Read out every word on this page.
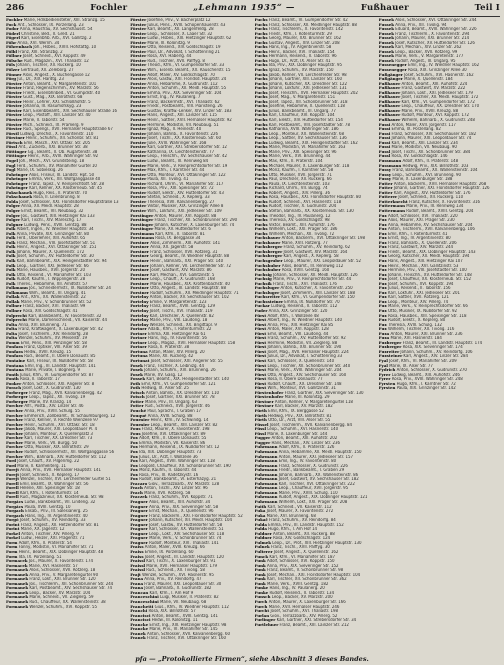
286	Fochler	„Lehmann 1935“ —	Fußhauer	Teil I
Fochler Marie, Hdlsbediensteter, XIII. Stranzg. 15
Fock Ant., Schlosser, IX. Porzellang. 23
Fodor Anna, Hausfrau, XV. Sechshausst. 54
Föderl Christine, Bed., II. Gred. 21
Fögerl Karl, Eisenbhb. Arb., XVI. Gallitzg. 2
Föhr Anna, XVI. Wernh. 34
Föhrenbach Joh., Hsbes., XVIII. Hofstattg. 10
Fölbl Franz, XIII. Stranzbg. 2
Föllner Josef, Schneid., XVI. Koppstr. 49
Fölsche Rud., Magazin., XVI. Thaliastr. 12
Föls Johann, Tischler, XII. Ruckerg. 10
Fölzer Gertraud, XII. Zeleborg. 27
Fönner Alois, Angest., X. Buchengasse 12
Förg Jul., Dr., XIX. Hardtg. 23
Förster Anton, Beamt., V. Margaretenstr. 101
Förster Franz, Regenschirmm., XV. Märzstr. 56
Förster Friedr., Eisenbhnbed., VI. Gumpdstr. 40
Förster Gust., Mag., XIX. Bilrothstr. 68
Förster Heinr., Lehrer, XXI. Schloßhofstr. 5
Förster Johanna, III. Rasumofskyg. 23
Förster Karl, Eisenbbeamt., XIV. Sechshauser Straße 16
Förster Leop., Postoff., XIII. Lainzer Str. 40
Förster Marie, II. Taborstr. 54
Förster Mich., Schneid., IX. Pramerg. 9
Förster Rud., Spengl., XVII. Hernalser Hauptstraße 67
Förstl Ludwig, Drechsl., X. Favoritenstr. 110
Förstner Heinr., Schuhm., XII. Schönbr. Str. 81
Förtsch Emil, Masch., XVI. Ottakr. Str. 205
Fössl Ant., Zuckerb., XXI. Brünner Str. 38
Föttinger Gg., Beamt., II. Ob. Augartenstr. 38
Föttinger Heinr., Arb., XVIII. Währinger Str. 92
Fogel Joh., Mech., XVI. Grundsteing. 18
Fogl Ferd., Schuhm., XV. Mariahilfer Gürtel 10
Fogl Marie, IX. Sobieskig. 26
Fohringer Alois, Friseur, III. Landstr. Hpt. 50
Fohringer Emma, Verk., XII. Wolfganggasse 40
Fohringer Franz, Tapez., V. Reinprechtsdf. Str. 28
Fohringer Karl, Kellner, XX. Klosterneub. Str. 45
Fokschanek Hugo, Reis., II. Praterstr. 70
Fokschanek Rosa, II. Lilienbrunng. 8
Folda Josef, Schlosser, XXI. Floridsdorfer Hauptstraße 13
Folger Anna, XII. Meidl. Hauptstr. 28
Folger Ernst, Beamt., VII. Neubaug. 32
Folger Jos., Gastwirt, XIII. Hietzinger Kai 133
Folger Karl, Tischl., XIV. Mareschg. 17
Folgner Ludwig, Pens., XVIII. Gentzg. 88
Folk Albert, Ingen., IV. Wiedner Hauptstr. 34
Folk Anna, Private, XIX. Grinzinger Str. 80
Folk Ferd., Oberlehrer, XIII. Auhofstr. 65
Folk Franz, Mechan., VIII. Josefstädter Str. 51
Folk Heinr., Angest., XVI. Ottakringer Str. 151
Folk Johann, Maurer, X. Quellenstr. 172
Folk Josef, Schuhm., XV. Hütteldorfer Str. 30
Folk Karl, Bahnbeamt., XIX. Heiligenstädter Str. 94
Folk Leop., Gärtner, XXI. Jedleseer Str. 66
Folk Marie, Hausbes., XVII. Jörgerstr. 20
Folk Otto, Reisend., VI. Mariahilfer Str. 103
Folk Rudolf, Kaufm., I. Wipplingerstr. 28
Folk Theres., Hebamme, XII. Arndtstr. 57
Folkmann Jos., Schneidermstr., IX. Nußdorfer Str. 24
Folkmann Wilh., Beamt., III. Ungarg. 41
Follak Ant., Kfm., XX. Wallensteinstr. 22
Follak Marie, Priv., V. Schönbrunner Str. 52
Follner Franz, Bäcker, XVI. Thaliastr. 99
Follner Rosa, XIV. Goldschlagstr. 41
Folprecht Karl, Bankbeamt., IV. Favoritenstr. 32
Folprecht Marie, Damenschneid., VII. Kaiserstr. 44
Folta Anna, XVI. Brunneng. 71
Folta Franz, Kraftwagenf., X. Laxenburger Str. 42
Folta Josef, Tischlerm., XIV. Reindorfg. 28
Folta Wenzel, Schuhm., XV. Meiselstr. 19
Fomm Emil, Pens., XIII. Penzinger Str. 58
Fonfara Franz, Optiker, VIII. Alser Str. 39
Fonfara Hedw., XVIII. Kreuzg. 15
Fonfara Rud., Beamt., II. Obere Donaustr. 85
Fontaine Karl, Friseur, IX. Nußdorfer Str. 58
Fontana Emil, Ing., III. Landstr. Hauptstr. 141
Fontana Marie, Private, I. Bognerg. 9
Fonth Julius, Kfm., VI. Gumpendorfer Str. 87
Fonth Rosa, II. Taborstr. 17
Fooker Anton, Schlosser, XXI. Angerer Str. 8
Forach Josef, Lokf., X. Gudrunstr. 130
Forberger Franz, Mag., XVII. Kalvarienbergg. 42
Forberger Leop., Tapez., XII. Tivolig. 19
Forberger Marie, XV. Kranzg. 14
Forcher Alfr., Postb., XIV. Linzer Str. 46
Forcher Anna, Priv., XVIII. Schulg. 55
Forcher Emmerich, Zollbeamt., IV. Schaumburgerg. 12
Forcher Franz, Kellner, V. Rechte Wienzeile 97
Forcher Heinr., Schuhm., XVI. Ottakr. Str. 18
Forcher Jakob, Maurer, XXI. Leopoldauer Pl. 4
Forcher Johann, Monteur, X. Quellenplatz 3
Forcher Karl, Tischler, XX. Dresdner Str. 73
Forcher Marie, Verk., VII. Burgg. 50
Forcher Otto, Musiker, XIX. Billrothstr. 29
Forcher Rudolf, Schlossermstr., XII. Wolfganggasse 56
Forcher Wilh., Bahnarb., XIV. Hütteldorfer Str. 112
Ford Josef, Chauff., XV. Pilgerimg. 22
Ford Marie, II. Karmeliterg. 11
Forejt Anna, Priv., XVII. Hernalser Hauptstr. 141
Forejt Josef, Schneid., X. Keplerg. 17
Forejt Wenzel, Tischler, XVI. Lerchenfelder Gürtel 51
Forell Emil, Beamt., IX. Währinger Str. 56
Forell Helene, XIII. Speisinger Str. 18
Forell Karl, Kfm., I. Rotenturmstr. 14
Forell Rud., Magazineur, XX. Klosterneub. Str. 98
Forgács Ludw., Bankbeamt., VII. Lindeng. 32
Forgács Paula, XVIII. Gentzg. 10
Forgach Elisab., Priv., III. Salesianerg. 25
Forgach Hans, Ing., IV. Argentinierstr. 40
Forgó Josef, Schuhm., XV. Reindorfg. 33
Forint Franz, Angest., XII. Hetzendorfer Str. 81
Forint Marie, XX. Jägerstr. 12
Forkel Anton, Tischler, XIV. Pillerg. 9
Forkel Ludw., Heizer, XXI. Pragerstr. 71
Form Adolf, Kfm., II. Praterstr. 54
Form Fanny, Modistin, VI. Mariahilfer Str. 71
Form Heinr., Beamt., XIX. Döblinger Hauptstr. 48
Form Ida, IX. Porzellang. 51
Formacek Jos., Maurer, X. Favoritenstr. 174
Formacek Marie, XVI. Hasnerstr. 57
Formanek Alois, Schlosser, XVII. Rötzerg. 18
Formanek Anna, Priv., V. Margaretengürtel 90
Formanek Franz, Lokf., XXI. Brünner Str. 120
Formanek Jos., Tischlerm., XII. Schönbrunner Str. 244
Formanek Karl, Postbeamt., XIV. Sechshauser Str. 74
Formanek Leop., Bäcker, XV. Märzstr. 104
Formanek Marie, Schneid., VII. Zieglerg. 59
Formanek Rud., Chauffeur, XX. Wallensteinstr. 38
Formanek Wenzel, Schuhm., XVI. Koppstr. 55
Förster Josefine, Priv., V. Bacherplatz 12
Förster Julius, Pens., XVIII. Schopenhauerstr. 43
Förster Karl, Beamt., XII. Längenfeldg. 28
Förster Leop., Schlosser, X. Laaer Str. 32
Förster Ludw., Hsbes., XIII. Hietzinger Hauptstr. 62
Förster Marie, III. Kolonitzg. 9
Förster Otto, Reisend., XIV. Goldschlagstr. 19
Förster Paul, Dr., Advokat, I. Schottenring 21
Förster Rosa, XVI. Haberlg. 44
Förster Rud., Tischler, XVII. Palffyg. 8
Förster Theod., Kfm., VI. Gumpendorfer Str. 33
Förster Wilh., Eisenb. Beamt., XX. Rauscherstr. 15
Forster Adolf, Maler, XV. Goldschlagstr. 70
Forster Alois, Gastw., XXI. Floridsd. Hauptstr. 24
Forster Anna, Hebamme, X. Gudrunstr. 112
Forster Anton, Schuhm., XII. Meidl. Hauptstr. 55
Forster Emma, Priv., XIX. Sieveringer Str. 104
Forster Ernst, Ing., IV. Paulanerg. 7
Forster Franz, Bäckermstr., XVI. Thaliastr. 62
Forster Friedr., Postbeamt., VIII. Piaristeng. 26
Forster Gustav, Kraftw.-Lenker, XIV. Linzer Str. 183
Forster Hans, Angest., XIII. Lainzer Str. 115
Forster Heinr., Sattler, XVII. Hernalser Hauptstr. 92
Forster Hermine, Modistin, VII. Neubaug. 51
Forster Ignaz, Mag., II. Heinestr. 40
Forster Johann, Bahnb., X. Favoritenstr. 226
Forster Josef, Tischl., XX. Klosterneub. Str. 60
Forster Julie, XVIII. Währinger Str. 168
Forster Karl, Gärtner, XXI. Strebersdorfer Str. 12
Forster Katharina, IX. Liechtensteinstr. 77
Forster Leop., Fleischh., XV. Sechshauser Str. 42
Forster Ludw., Beamt., III. Rennweg 84
Forster Marie, Verk., V. Reinprechtsdorfer Str. 19
Forster Max, Kfm., I. Kärntner Str. 44
Forster Otto, Monteur, XVI. Ottakringer Str. 122
Forster Paula, XII. Tivolig. 41
Forster Richard, Uhrm., VI. Mariahilfer Str. 117
Forster Rosa, Priv., XIII. Speisinger Str. 72
Forster Rudolf, Elektr., XIV. Hütteldorfer Str. 43
Forster Stefan, Schneid., X. Keplerg. 33
Forster Theresia, XVII. Kalvarienbergg. 27
Forster Viktor, Musiker, XIX. Grinzinger Allee 8
Forster Wilh., Lokführ., XXI. Jedleseer Str. 109
Forstinger Anton, Maurer, XVI. Koppstr. 88
Forstinger Franz, Tischler, XII. Schönbrunner Str. 290
Forstinger Johann, Kutscher, X. Laxenburger Str. 74
Forstinger Marie, XV. Hütteldorfer Str. 6
Forstmann Karl, Kfm., II. Taborstr. 81
Forstmann Rosa, IX. Berggasse 34
Forstner Alois, Zimmerm., XIII. Auhofstr. 141
Forstner Anna, XX. Jägerstr. 58
Forstner Franz, Schlosser, XVII. Rötzerg. 31
Forstner Georg, Beamt., IV. Wiedner Hauptstr. 88
Forstner Heinr., Bahnarb., XXI. Prager Str. 140
Forstner Johann, Kellner, VII. Lerchenfelder Str. 72
Forstner Josef, Gastwirt, XIV. Märzstr. 86
Forstner Karl, Mechan., XVI. Gallitzinstr. 5
Forstner Leop., Chauff., X. Gudrunstr. 168
Forstner Marie, Hausbes., XIX. Krottenbachstr. 40
Forstner Otto, Angest., III. Landstr. Hauptstr. 88
Forstner Rudolf, Schuhm., XII. Meidlinger Hauptstr. 71
Fortelny Anton, Bäcker, XV. Sechshauser Str. 102
Fortelny Emilie, V. Margaretenstr. 123
Fortelny Franz, Beamt., XVIII. Gentzg. 129
Fortelny Josef, Tischl., XVI. Thaliastr. 119
Fortelny Karl, Drechsler, X. Quellenstr. 82
Fortelny Marie, Priv., VIII. Laudong. 18
Fortelny Wenzel, Schneid., XX. Brigittapl. 9
Fortner Adalb., Kfm., I. Rotenturmstr. 22
Fortner Emma, XIII. Hietzinger Kai 61
Fortner Hans, Ing., IV. Favoritenstr. 56
Fortner Leop., Magaz., XVII. Hernalser Hauptstr. 158
Fortner Rosa, II. Praterstr. 38
Fortuna Anton, Maler, XIV. Pillerg. 20
Fortuna Marie, XII. Ruckerg. 42
Fortunat Josef, Schlosser, XXI. Angerer Str. 55
Fosek Franz, Tischler, X. Leibnizg. 44
Fosek Johann, Schuhm., XVI. Brunneng. 26
Fosek Marie, XV. Gasg. 12
Fossek Karl, Beamt., XIX. Heiligenstädter Str. 140
Foth Emil, Kfm., VI. Gumpendorfer Str. 121
Foth Hedwig, IX. Alser Str. 25
Fotsch Anton, Bahnb., XX. Dresdner Str. 110
Fotsch Josef, Gärtner, XXI. Brünner Str. 78
Fotter Marie, Priv., III. Ungarg. 63
Fotter Rud., Schneid., XVII. Jörgerstr. 46
Fouché Paul, Sprachl., I. Graben 17
Fouqué Anna, XVIII. Schulg. 88
Fournier Heinr., Kfm., IV. Schwindg. 14
Fournier Leop., Beamt., XIII. Lainzer Str. 82
Fous Franz, Maurer, X. Favoritenstr. 198
Fous Josefine, XVI. Ottakringer Str. 89
Fox Adolf, Kfm., II. Obere Donaustr. 55
Fox Emma, Modistin, VII. Kaiserstr. 86
Fox Hermann, Reisend., IX. Nußdorfer Str. 12
Fox Ida, XIX. Döblinger Hauptstr. 73
Fox Julius, Dr., Arzt, I. Wollzeile 36
Fox Karl, Angest., XVIII. Währinger Str. 118
Fox Leopold, Chauffeur, XII. Schönbrunner Str. 190
Fox Moriz, Kaufm., II. Taborstr. 44
Fox Rosa, Priv., III. Radetzkystr. 16
Fox Rudolf, Bankbeamt., VI. Esterházyg. 21
Fracaro Giov., Terrazzoarb., XV. Märzstr. 128
Frach Anton, Tischl., XIV. Linzer Str. 96
Frach Marie, XVII. Rötzerg. 58
Fraczek Franz, Schuhm., XVI. Koppstr. 71
Fragner Alois, Beamt., XIII. Auhofstr. 34
Fragner Anna, Priv., XIX. Sieveringer Str. 58
Fragner Ernst, Mechan., X. Quellenstr. 96
Fragner Franz, Bäckerm., XXI. Floridsdorfer Hauptstr. 52
Fragner Johann, Kutscher, XII. Meidl. Hauptstr. 104
Fragner Josef, Gastw., XV. Hütteldorfer Str. 58
Fragner Karl, Schlosser, XX. Wallensteinstr. 51
Fragner Leop., Lokf., XIV. Sechshauser Str. 118
Fragner Marie, Verk., V. Schönbrunner Str. 74
Fragner Rudolf, Monteur, XVI. Thaliastr. 141
Fraiss Anton, Maler, XVIII. Kreuzg. 66
Fraiss Emilie, IX. Porzellang. 60
Fraiss Josef, Angest., III. Landstr. Hauptstr. 120
Fraissl Karl, Tischl., X. Laxenburger Str. 91
Fraissl Marie, XVII. Hernalser Hauptstr. 179
Fraissl Rud., Schneid., XII. Tivolig. 58
Frajt Wenzel, Schuhm., XVI. Hasnerstr. 95
Frana Anna, Priv., XV. Reindorfg. 47
Frana Franz, Maurer, XXI. Leopoldauer Str. 30
Frana Josef, Bahnarb., X. Gudrunstr. 182
Francan Karl, Kfm., I. Am Hof 9
Franceschini Luigi, Musiker, II. Praterstr. 82
Franceschini Marie, VII. Neubaug. 68
Franchetti Gius., Kfm., IV. Wiedner Hauptstr. 112
Franchi Rosa, XIX. Billrothstr. 57
Francisci Anton, Beamt., XVIII. Gentzg. 141
Francisci Hedw., III. Kolonitzg. 11
Francke Ernst, Ing., XIII. Hietzinger Hauptstr. 98
Francke Marie, Priv., VI. Mariahilfer Str. 145
Franek Anton, Schlosser, XVII. Kalvarienbergg. 60
Franek Franz, Tischler, XVI. Ottakringer Str. 160
Fuchs Franz, Beamt., VI. Gumpendorfer Str. 42
Fuchs Franz, Schlosser, XII. Meidlinger Hauptstr. 88
Fuchs Franz, Tischlerm., X. Favoritenstr. 142
Fuchs Friedr., Kfm., I. Rotenturmstr. 29
Fuchs Georg, Maurer, XXI. Brünner Str. 162
Fuchs Gustav, Angest., XIV. Linzer Str. 208
Fuchs Hans, Ing., IV. Argentinierstr. 58
Fuchs Heinr., Bäcker, XVI. Thaliastr. 154
Fuchs Hermann, Reisend., II. Taborstr. 96
Fuchs Hugo, Dr., Arzt, IX. Alser Str. 41
Fuchs Ida, Priv., XIX. Döblinger Hauptstr. 95
Fuchs Ignaz, Schuhm., XV. Märzstr. 150
Fuchs Jakob, Kellner, VII. Lerchenfelder Str. 98
Fuchs Johann, Gärtner, XIII. Lainzer Str. 160
Fuchs Johann, Kutscher, XX. Dresdner Str. 122
Fuchs Johann, Lokführ., XXI. Jedleseer Str. 131
Fuchs Josef, Fleischh., XVII. Hernalser Hauptstr. 202
Fuchs Josef, Mag., V. Margaretenstr. 151
Fuchs Josef, Tapez., XII. Schönbrunner Str. 318
Fuchs Josefine, Hebamme, X. Quellenstr. 118
Fuchs Julius, Bankbeamt., III. Ungarg. 77
Fuchs Karl, Chauffeur, XVI. Koppstr. 104
Fuchs Karl, Elektr., XIV. Hütteldorfer Str. 154
Fuchs Karl, Postbeamt., VIII. Josefstädter Str. 78
Fuchs Katharina, XVIII. Währinger Str. 186
Fuchs Leop., Monteur, XX. Wallensteinstr. 68
Fuchs Leop., Sattler, XV. Sechshauser Str. 136
Fuchs Ludwig, Beamt., XIX. Heiligenstädter Str. 162
Fuchs Marie, Modistin, VI. Mariahilfer Str. 163
Fuchs Marie, Priv., XIII. Speisinger Str. 96
Fuchs Marie, Verk., XVI. Brunneng. 44
Fuchs Max, Kfm., II. Praterstr. 104
Fuchs Michael, Maurer, X. Laxenburger Str. 118
Fuchs Moriz, Kaufm., I. Kärntner Str. 58
Fuchs Otto, Musiker, XVII. Jörgerstr. 71
Fuchs Paul, Drechsler, XII. Ruckerg. 66
Fuchs Paula, IX. Liechtensteinstr. 103
Fuchs Richard, Uhrm., VII. Burgg. 74
Fuchs Robert, Angest., XIV. Pillerg. 36
Fuchs Rosa, Hausbes., XXI. Floridsdorfer Hauptstr. 80
Fuchs Rudolf, Schneid., XVI. Hasnerstr. 118
Fuchs Rudolf, Tischler, X. Gudrunstr. 204
Fuchs Stefan, Bahnarb., XX. Klosterneub. Str. 130
Fuchs Theodor, Ing., IV. Paulanerg. 12
Fuchs Theresia, XV. Goldschlagstr. 98
Fuchs Viktor, Beamt., XIII. Auhofstr. 176
Fuchs Wilhelm, Lokf., XXI. Prager Str. 186
Fuchs Wilhelm, Mechan., XII. Tivolig. 72
Fuchsbauer Anton, Bäckerm., XVI. Ottakringer Str. 198
Fuchsbauer Marie, XVII. Rötzerg. 77
Fuchsberger Franz, Schuhm., XV. Reindorfg. 62
Fuchsberger Josef, Gastwirt, XIV. Märzstr. 164
Fuchsberger Karl, Angest., X. Keplerg. 58
Fuchsgruber Leop., Maurer, XXI. Leopoldauer Str. 52
Fuchshuber Alois, Beamt., III. Rennweg 112
Fuchshuber Rosa, XVIII. Gentzg. 160
Fuchsig Johann, Schlosser, XII. Meidl. Hauptstr. 126
Fuchsig Marie, Priv., V. Reinprechtsdorfer Str. 44
Fuchsik Franz, Tischl., XVI. Thaliastr. 176
Fuchsluger Anton, Kutscher, X. Favoritenstr. 250
Fuchsluger Josef, Zimmerm., XIII. Lainzer Str. 188
Fuchsreiter Karl, Kfm., VI. Gumpendorfer Str. 150
Fuchssteiner Emma, IX. Nußdorfer Str. 70
Fuckar Ludwig, Reisend., II. Taborstr. 112
Fuder Anna, XIX. Grinzinger Str. 120
Fürst Adolf, Kfm., I. Wollzeile 48
Fürst Albert, Ing., IV. Wiedner Hauptstr. 140
Fürst Anna, Priv., XIII. Hietzinger Kai 85
Fürst Anton, Maler, XVI. Koppstr. 128
Fürst Emil, Beamt., VIII. Laudong. 44
Fürst Franz, Schuhm., XV. Hütteldorfer Str. 92
Fürst Hermine, Modistin, VII. Zieglerg. 88
Fürst Johann, Bahnb., XXI. Brünner Str. 190
Fürst Josef, Mag., XVII. Hernalser Hauptstr. 224
Fürst Julius, Dr., Advokat, I. Schottenring 33
Fürst Karl, Schlosser, X. Quellenstr. 140
Fürst Leop., Tischler, XII. Schönbrunner Str. 340
Fürst Marie, Verk., XVIII. Währinger Str. 204
Fürst Otto, Angest., XIV. Sechshauser Str. 160
Fürst Rosa, II. Obere Donaustr. 77
Fürst Rudolf, Chauff., XX. Dresdner Str. 148
Fürst Wilh., Monteur, XVI. Gallitzinstr. 31
Fürstenhofer Franz, Gärtner, XIX. Sieveringer Str. 130
Fürstenhofer Marie, III. Kolonitzg. 29
Fürstner Anton, Kellner, V. Margaretengürtel 118
Fürstner Karl, Bäcker, XV. Märzstr. 182
Fürth Emil, Kfm., IX. Berggasse 52
Fürth Hedwig, Priv., XIX. Billrothstr. 81
Fürth Otto, Dr., Arzt, VIII. Alser Str. 55
Füssel Josef, Tischlerm., XVII. Kalvarienbergg. 84
Füssl Leop., Schuhm., XVI. Hasnerstr. 140
Füssl Marie, X. Laxenburger Str. 144
Fugger Anton, Beamt., XIII. Auhofstr. 202
Fugger Hans, Mechan., XIV. Linzer Str. 236
Fuhrmann Adolf, Kfm., II. Praterstr. 126
Fuhrmann Anna, Hebamme, XII. Meidl. Hauptstr. 150
Fuhrmann Anton, Maurer, XXI. Jedleseer Str. 157
Fuhrmann Emil, Ing., IV. Favoritenstr. 80
Fuhrmann Franz, Schlosser, X. Gudrunstr. 226
Fuhrmann Friedr., Bankbeamt., I. Graben 29
Fuhrmann Johann, Bahnarb., XX. Wallensteinstr. 86
Fuhrmann Josef, Gastwirt, XV. Sechshauser Str. 182
Fuhrmann Karl, Tischler, XVI. Ottakringer Str. 222
Fuhrmann Leop., Chauffeur, XVII. Jörgerstr. 95
Fuhrmann Marie, Priv., XVIII. Schulg. 110
Fuhrmann Rudolf, Angest., XIX. Döblinger Hauptstr. 121
Fuhrmann Wilhelm, Lokf., XXI. Prager Str. 208
Fuith Karl, Schneid., VII. Kaiserstr. 112
Fuka Josef, Maurer, X. Favoritenstr. 272
Fuka Marie, XVI. Brunneng. 68
Fukač Franz, Schuhm., XV. Reindorfg. 84
Fulda Emma, Priv., III. Landstr. Hauptstr. 152
Fulda Hugo, Kfm., I. Am Hof 14
Fuldner Anton, Beamt., XII. Ruckerg. 88
Fuldner Rosa, XIV. Goldschlagstr. 124
Fulmek Leop., Dr., Prof., XIII. Hietzinger Hauptstr. 130
Fulnek Franz, Tischl., XVII. Palffyg. 30
Fulterer Josef, Angest., X. Quellenstr. 162
Funck Karl, Kfm., VI. Mariahilfer Str. 187
Funk Adolf, Schlosser, XVI. Koppstr. 150
Funk Anna, Priv., XIX. Sieveringer Str. 152
Funk Franz, Beamt., V. Schönbrunner Str. 98
Funk Josef, Mechan., XXI. Floridsdorfer Hauptstr. 104
Funk Karl, Tischler, XII. Schönbrunner Str. 362
Funk Marie, Verk., XVIII. Gentzg. 182
Funke Hans, Ing., IV. Paulanerg. 20
Funke Rudolf, Reisend., II. Taborstr. 134
Funsch Leop., Bäcker, XV. Märzstr. 200
Furch Anton, Maurer, X. Laxenburger Str. 166
Furch Marie, XVII. Hernalser Hauptstr. 246
Furcht Josef, Schuhm., XVI. Thaliastr. 198
Furlan Giov., Terrazzoarb., XIV. Pillerg. 52
Furlinger Karl, Gärtner, XXI. Strebersdorfer Str. 34
Furtlehner Franz, Beamt., XIII. Lainzer Str. 212
Fussek Alois, Schlosser, XVI. Ottakringer Str. 244
Fussek Anna, Priv., XII. Tivolig. 94
Fussek Eduard, Beamt., XVIII. Währinger Str. 226
Fussek Franz, Tischlerm., X. Favoritenstr. 294
Fussek Johann, Maurer, XXI. Brünner Str. 214
Fussek Josef, Kutscher, XV. Hütteldorfer Str. 126
Fussek Karl, Mechan., XIV. Linzer Str. 262
Fussek Leop., Bäcker, XVII. Rötzerg. 99
Fussek Marie, Verk., V. Margaretenstr. 177
Fussek Rudolf, Angest., III. Ungarg. 95
Fussenegger Emil, Ing., IV. Wiedner Hauptstr. 162
Fussenegger Rosa, XIX. Grinzinger Allee 30
Fußgänger Josef, Schuhm., XVI. Hasnerstr. 162
Fußgänger Marie, X. Quellenstr. 184
Fußhauer Anton, Beamt., XIII. Auhofstr. 224
Fußhauer Franz, Gastwirt, XV. Märzstr. 222
Fußhauer Johann, Lokf., XXI. Jedleseer Str. 179
Fußhauer Josef, Tischler, XII. Meidl. Hauptstr. 172
Fußhauer Karl, Kfm., VI. Gumpendorfer Str. 172
Fußhauer Leop., Chauffeur, XX. Dresdner Str. 170
Fußhauer Marie, Priv., XVIII. Kreuzg. 88
Fußhauer Rudolf, Monteur, XVI. Koppstr. 172
Fußhauer Wilhelm, Bahnarb., X. Gudrunstr. 248
Fussi Anton, Maler, XVII. Jörgerstr. 117
Fussi Emma, IX. Porzellang. 82
Fussi Franz, Schlosser, XIV. Sechshauser Str. 182
Fussi Johann, Maurer, XXI. Leopoldauer Str. 74
Fussi Karl, Beamt., XIII. Lainzer Str. 234
Fussi Marie, Modistin, VII. Neubaug. 90
Fussl Josef, Tischl., XII. Schönbrunner Str. 384
Fussl Rosa, XV. Goldschlagstr. 146
Fussmann Adolf, Kfm., II. Praterstr. 148
Fussmann Hedwig, Priv., XIX. Billrothstr. 103
Fussy Franz, Bahnbeamt., XX. Wallensteinstr. 104
Fussy Leop., Schuhm., XVI. Brunneng. 90
Fussy Marie, X. Laxenburger Str. 188
Futter Anton, Bäckerm., XVII. Hernalser Hauptstr. 268
Futter Johann, Gärtner, XXI. Floridsdorfer Hauptstr. 126
Futter Karl, Angest., XIV. Hütteldorfer Str. 176
Futterer Josef, Schneid., XII. Ruckerg. 110
Futterknecht Franz, Kutscher, X. Favoritenstr. 316
Futtermann Marie, Priv., III. Rennweg 134
Futtermann Rudolf, Beamt., XVIII. Gentzg. 204
Fux Adolf, Schlosser, XVI. Thaliastr. 220
Fux Alois, Maurer, XXI. Prager Str. 230
Fux Anna, Hebamme, XV. Sechshauser Str. 204
Fux Anton, Tischlerm., XVII. Kalvarienbergg. 106
Fux Emil, Kfm., I. Rotenturmstr. 41
Fux Ernst, Ing., IV. Argentinierstr. 80
Fux Franz, Bahnarb., X. Quellenstr. 206
Fux Franz, Gastwirt, XIV. Märzstr. 244
Fux Friedr., Beamt., XIX. Döblinger Hauptstr. 143
Fux Georg, Kutscher, XII. Meidl. Hauptstr. 194
Fux Hans, Angest., XIII. Hietzinger Kai 107
Fux Heinr., Mechan., XVI. Gallitzinstr. 53
Fux Hermine, Priv., VIII. Josefstädter Str. 100
Fux Johann, Fleischh., XV. Hütteldorfer Str. 148
Fux Josef, Chauffeur, XX. Klosterneub. Str. 152
Fux Josef, Schuhm., XVI. Koppstr. 194
Fux Julius, Reisend., II. Taborstr. 156
Fux Karl, Lokführ., XXI. Jedleseer Str. 201
Fux Karl, Sattler, XVII. Rötzerg. 121
Fux Leop., Monteur, XIV. Pillerg. 74
Fux Marie, Verk., V. Reinprechtsdorfer Str. 66
Fux Otto, Musiker, IX. Nußdorfer Str. 92
Fux Rosa, Hausbes., XIII. Speisinger Str. 118
Fux Rudolf, Elektr., X. Keplerg. 80
Fux Theresia, XVIII. Schulg. 132
Fux Wilhelm, Tischler, XII. Tivolig. 116
Fuxa Anton, Maurer, XXI. Brünner Str. 236
Fuxa Marie, XVI. Hasnerstr. 184
Fuxberger Franz, Beamt., III. Landstr. Hauptstr. 174
Fuxberger Rosa, XIX. Sieveringer Str. 174
Fuxreiter Johann, Schuhm., XV. Reindorfg. 106
Fuxsteiner Karl, Angest., XIV. Linzer Str. 284
Fyal Josef, Kfm., VI. Mariahilfer Str. 209
Fyal Marie, IX. Alser Str. 77
Fydrich Anton, Schlosser, X. Gudrunstr. 270
Fyrer Ludwig, Beamt., XIII. Auhofstr. 246
Fyrer Rosa, Priv., XVIII. Währinger Str. 248
Fyrsten Hugo, Kfm., I. Kärntner Str. 72
Fyrsten Paula, XIX. Grinzinger Str. 142
pfa — „Protokollierte Firmen“, siehe Abschnitt 3 dieses Bandes.
